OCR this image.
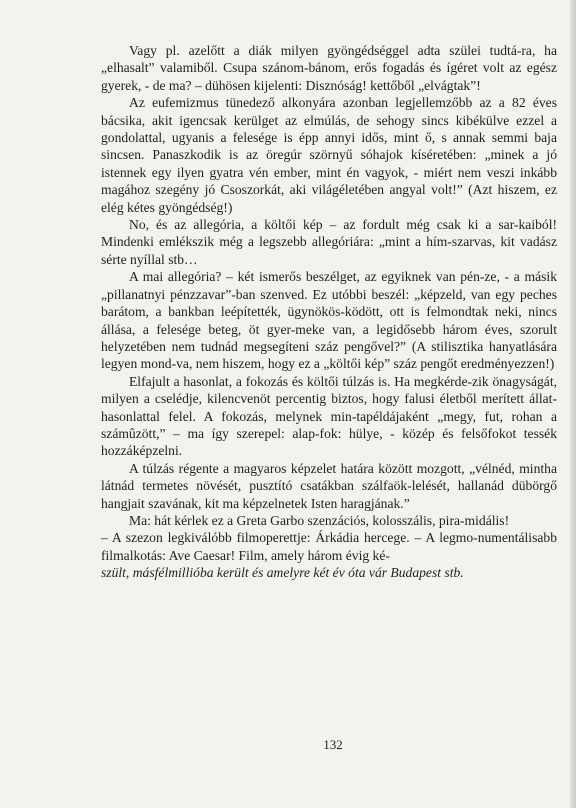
Vagy pl. azelőtt a diák milyen gyöngédséggel adta szülei tudtá-ra, ha „elhasalt” valamiből. Csupa szánom-bánom, erős fogadás és ígéret volt az egész gyerek, - de ma? – dühösen kijelenti: Disznóság! kettőből „elvágtak”!

Az eufemizmus tünedező alkonyára azonban legjellemzőbb az a 82 éves bácsika, akit igencsak kerülget az elmúlás, de sehogy sincs kibékülve ezzel a gondolattal, ugyanis a felesége is épp annyi idős, mint ő, s annak semmi baja sincsen. Panaszkodik is az öregúr szörnyű sóhajok kíséretében: „minek a jó istennek egy ilyen gyatra vén ember, mint én vagyok, - miért nem veszi inkább magához szegény jó Csoszorkát, aki világéletében angyal volt!” (Azt hiszem, ez elég kétes gyöngédség!)

No, és az allegória, a költői kép – az fordult még csak ki a sar-kaiból! Mindenki emlékszik még a legszebb allegóriára: „mint a hím-szarvas, kit vadász sérte nyíllal stb…

A mai allegória? – két ismerős beszélget, az egyiknek van pén-ze, - a másik „pillanatnyi pénzzavar”-ban szenved. Ez utóbbi beszél: „képzeld, van egy peches barátom, a bankban leépítették, ügynökös-ködött, ott is felmondtak neki, nincs állása, a felesége beteg, öt gyer-meke van, a legidősebb három éves, szorult helyzetében nem tudnád megsegíteni száz pengővel?” (A stilisztika hanyatlására legyen mond-va, nem hiszem, hogy ez a „költői kép” száz pengőt eredményezzen!)

Elfajult a hasonlat, a fokozás és költői túlzás is. Ha megkérde-zik önagyságát, milyen a cselédje, kilencvenöt percentig biztos, hogy falusi életből merített állat-hasonlattal felel. A fokozás, melynek min-tapéldájaként „megy, fut, rohan a számûzött,” – ma így szerepel: alap-fok: hülye, - közép és felsőfokot tessék hozzáképzelni.

A túlzás régente a magyaros képzelet határa között mozgott, „vélnéd, mintha látnád termetes növését, pusztító csatákban szálfaök-lelését, hallanád dübörgő hangjait szavának, kit ma képzelnetek Isten haragjának.”

Ma: hát kérlek ez a Greta Garbo szenzációs, kolosszális, pira-midális!

– A szezon legkiválóbb filmoperettje: Árkádia hercege. – A legmo-numentálisabb filmalkotás: Ave Caesar! Film, amely három évig ké-

szült, másfélmillióba került és amelyre két év óta vár Budapest stb.

132
